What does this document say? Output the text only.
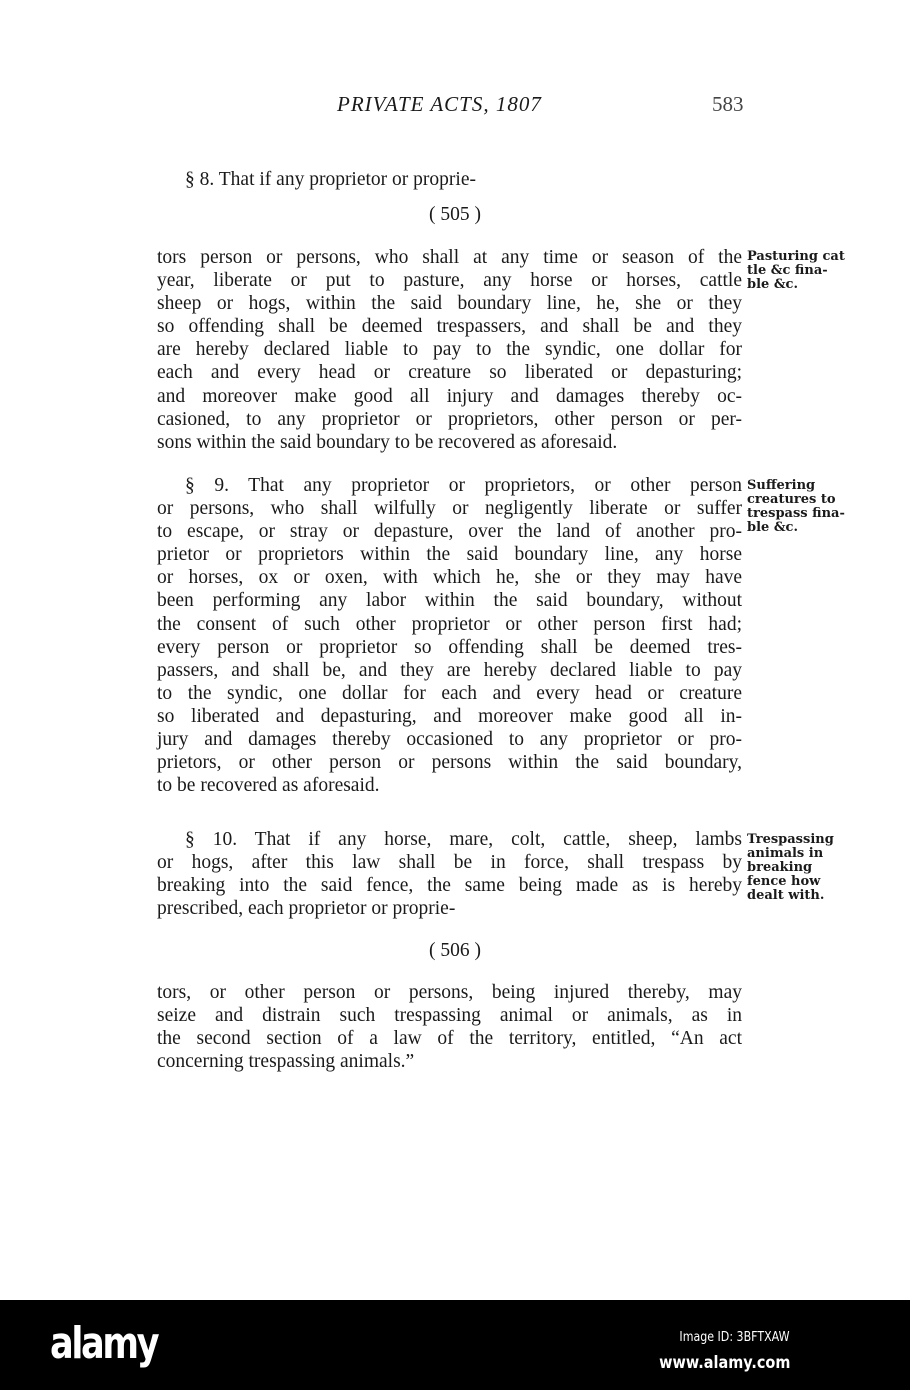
PRIVATE ACTS, 1807	583
§ 8. That if any proprietor or proprie-
( 505 )
tors person or persons, who shall at any time or season of the
year, liberate or put to pasture, any horse or horses, cattle
sheep or hogs, within the said boundary line, he, she or they
so offending shall be deemed trespassers, and shall be and they
are hereby declared liable to pay to the syndic, one dollar for
each and every head or creature so liberated or depasturing;
and moreover make good all injury and damages thereby oc-
casioned, to any proprietor or proprietors, other person or per-
sons within the said boundary to be recovered as aforesaid.
§ 9. That any proprietor or proprietors, or other person
or persons, who shall wilfully or negligently liberate or suffer
to escape, or stray or depasture, over the land of another pro-
prietor or proprietors within the said boundary line, any horse
or horses, ox or oxen, with which he, she or they may have
been performing any labor within the said boundary, without
the consent of such other proprietor or other person first had;
every person or proprietor so offending shall be deemed tres-
passers, and shall be, and they are hereby declared liable to pay
to the syndic, one dollar for each and every head or creature
so liberated and depasturing, and moreover make good all in-
jury and damages thereby occasioned to any proprietor or pro-
prietors, or other person or persons within the said boundary,
to be recovered as aforesaid.
§ 10. That if any horse, mare, colt, cattle, sheep, lambs
or hogs, after this law shall be in force, shall trespass by
breaking into the said fence, the same being made as is hereby
prescribed, each proprietor or proprie-
( 506 )
tors, or other person or persons, being injured thereby, may
seize and distrain such trespassing animal or animals, as in
the second section of a law of the territory, entitled, “An act
concerning trespassing animals.”
Pasturing cat
tle &c fina-
ble &c.
Suffering
creatures to
trespass fina-
ble &c.
Trespassing
animals in
breaking
fence how
dealt with.
alamy	Image ID: 3BFTXAW
www.alamy.com
